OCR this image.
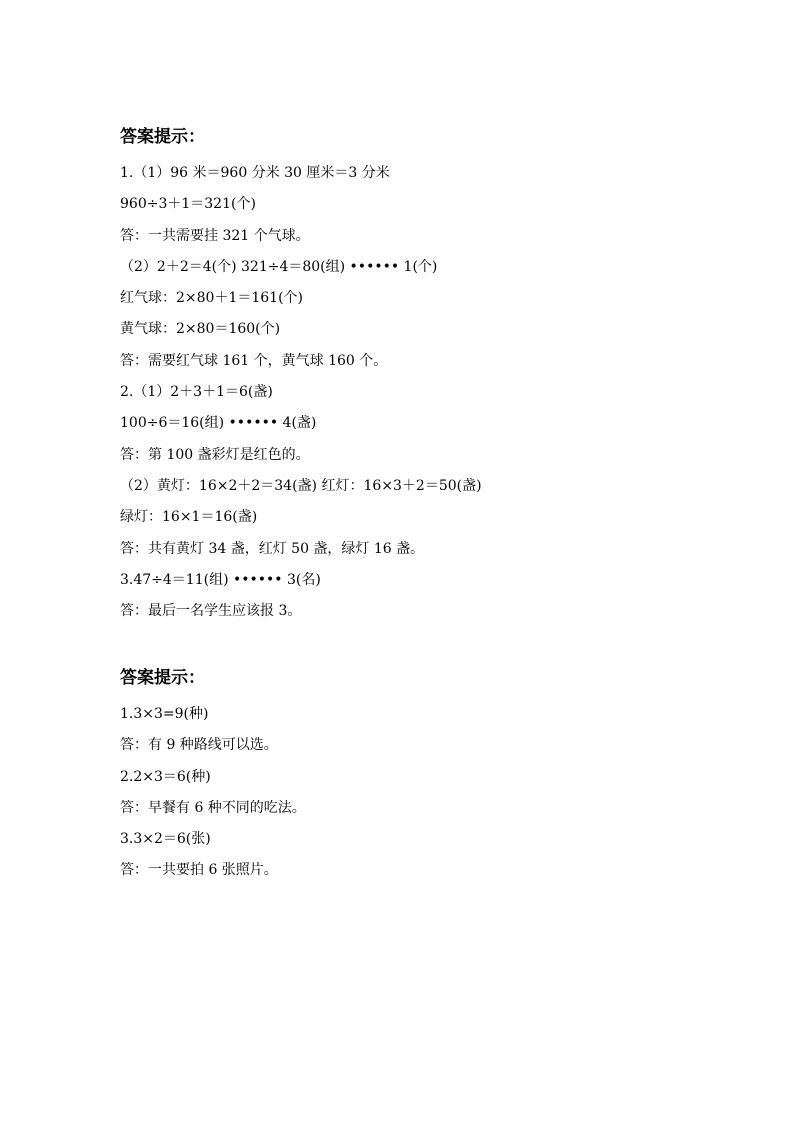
答案提示：
1.（1）96 米＝960 分米 30 厘米＝3 分米
960÷3＋1＝321(个)
答：一共需要挂 321 个气球。
（2）2＋2＝4(个) 321÷4＝80(组) •••••• 1(个)
红气球：2×80＋1＝161(个)
黄气球：2×80＝160(个)
答：需要红气球 161 个，黄气球 160 个。
2.（1）2＋3＋1＝6(盏)
100÷6＝16(组) •••••• 4(盏)
答：第 100 盏彩灯是红色的。
（2）黄灯：16×2＋2＝34(盏) 红灯：16×3＋2＝50(盏)
绿灯：16×1＝16(盏)
答：共有黄灯 34 盏，红灯 50 盏，绿灯 16 盏。
3.47÷4＝11(组) •••••• 3(名)
答：最后一名学生应该报 3。
答案提示：
1.3×3=9(种)
答：有 9 种路线可以选。
2.2×3＝6(种)
答：早餐有 6 种不同的吃法。
3.3×2＝6(张)
答：一共要拍 6 张照片。
